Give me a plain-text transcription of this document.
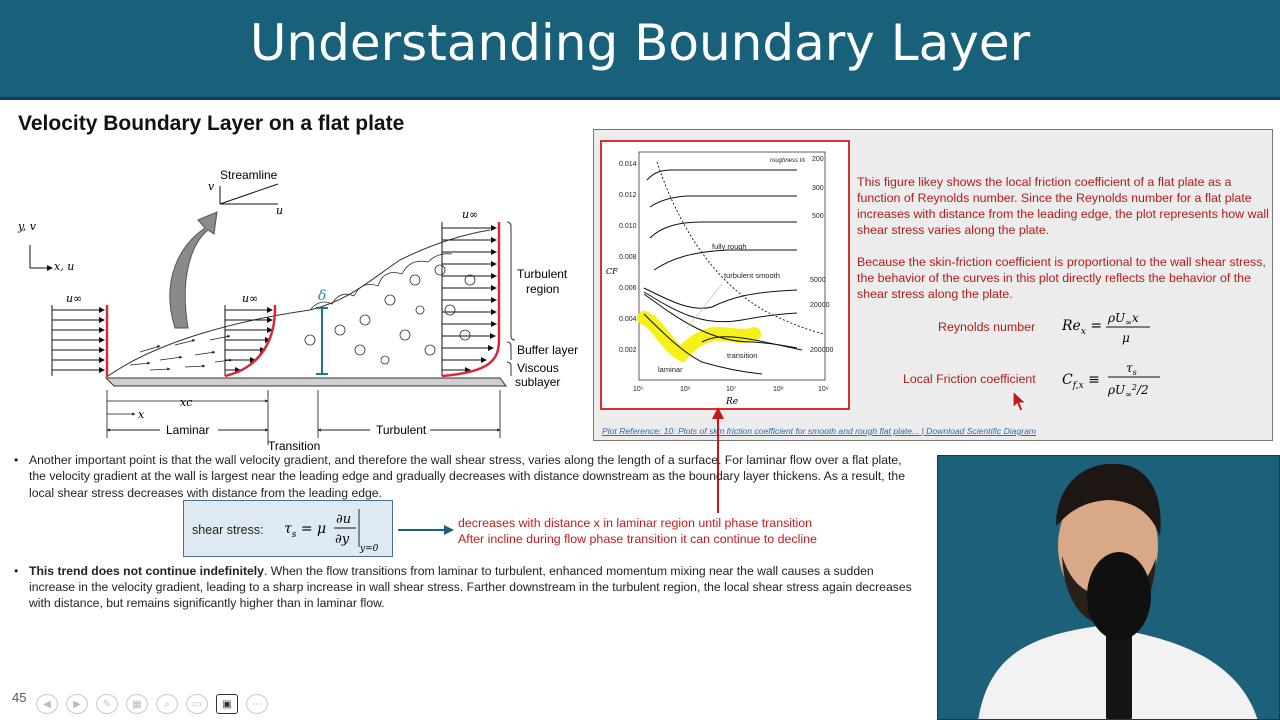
Understanding Boundary Layer
Velocity Boundary Layer on a flat plate
y, v
x, u
Streamline
v
u
u∞	u∞	δ
u∞
Turbulent
region
Buffer layer
Viscous
sublayer
x
xc
Laminar
Transition
Turbulent
0.014
0.012
0.010
0.008
0.006
0.004
0.002
10⁵	10⁶	10⁷	10⁸	10⁹
CF
Re
roughness l/ε 200
300
500
5000
20000
200000
fully rough
turbulent smooth
laminar
transition

This figure likey shows the local friction coefficient of a flat plate as a function of Reynolds number. Since the Reynolds number for a flat plate increases with distance from the leading edge, the plot represents how wall shear stress varies along the plate.

Because the skin-friction coefficient is proportional to the wall shear stress, the behavior of the curves in this plot directly reflects the behavior of the shear stress along the plate.

Reynolds number $Re_x = \rho U_\infty x$
μ
Local Friction coefficient $C_{f,x}$ ≡
$\tau_s$
$\rho U_\infty^2/2$
Plot Reference: 10: Plots of skin friction coefficient for smooth and rough flat plate... | Download Scientific Diagram
• Another important point is that the wall velocity gradient, and therefore the wall shear stress, varies along the length of a surface. For laminar flow over a flat plate, the velocity gradient at the wall is largest near the leading edge and gradually decreases with distance downstream as the boundary layer thickens. As a result, the local shear stress decreases with distance from the leading edge.
• This trend does not continue indefinitely. When the flow transitions from laminar to turbulent, enhanced momentum mixing near the wall causes a sudden increase in the velocity gradient, leading to a sharp increase in wall shear stress. Farther downstream in the turbulent region, the local shear stress again decreases with distance, but remains significantly higher than in laminar flow.
shear stress: $\tau_s = \mu$
∂u
∂y
y=0
decreases with distance x in laminar region until phase transition
After incline during flow phase transition it can continue to decline
45	◀	▶	✎	▦	⌕	▭	▣	⋯
